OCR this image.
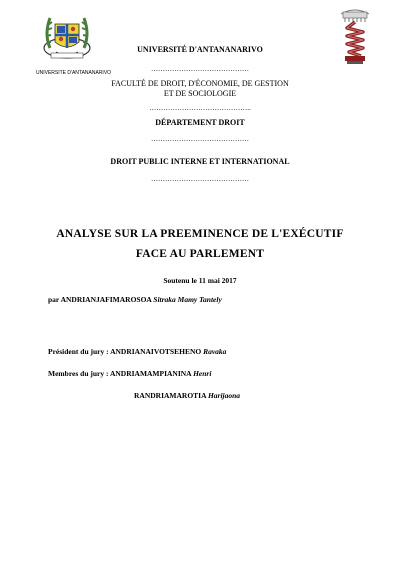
UNIVERSITE D'ANTANANARIVO
UNIVERSITÉ D'ANTANANARIVO
……………………………………
FACULTÉ DE DROIT, D'ÉCONOMIE, DE GESTION
ET DE SOCIOLOGIE
……………………………………..
DÉPARTEMENT DROIT
……………………………………
DROIT PUBLIC INTERNE ET INTERNATIONAL
……………………………………
ANALYSE SUR LA PREEMINENCE DE L'EXÉCUTIF
FACE AU PARLEMENT
Soutenu le 11 mai 2017
par ANDRIANJAFIMAROSOA Sitraka Mamy Tantely
Président du jury : ANDRIANAIVOTSEHENO Ravaka
Membres du jury : ANDRIAMAMPIANINA Henri
RANDRIAMAROTIA Harijaona
